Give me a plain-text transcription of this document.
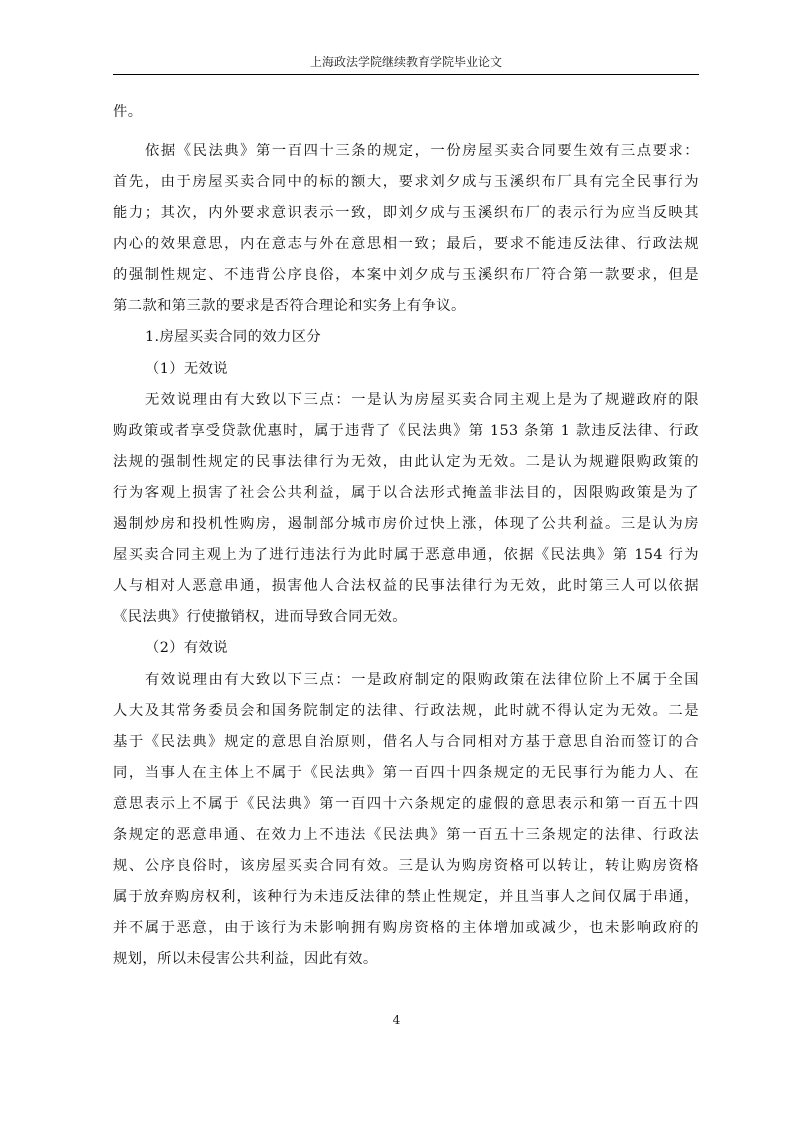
上海政法学院继续教育学院毕业论文
件。
依据《民法典》第一百四十三条的规定，一份房屋买卖合同要生效有三点要求：
首先，由于房屋买卖合同中的标的额大，要求刘夕成与玉溪织布厂具有完全民事行为
能力；其次，内外要求意识表示一致，即刘夕成与玉溪织布厂的表示行为应当反映其
内心的效果意思，内在意志与外在意思相一致；最后，要求不能违反法律、行政法规
的强制性规定、不违背公序良俗，本案中刘夕成与玉溪织布厂符合第一款要求，但是
第二款和第三款的要求是否符合理论和实务上有争议。
1.房屋买卖合同的效力区分
（1）无效说
无效说理由有大致以下三点：一是认为房屋买卖合同主观上是为了规避政府的限
购政策或者享受贷款优惠时，属于违背了《民法典》第 153 条第 1 款违反法律、行政
法规的强制性规定的民事法律行为无效，由此认定为无效。二是认为规避限购政策的
行为客观上损害了社会公共利益，属于以合法形式掩盖非法目的，因限购政策是为了
遏制炒房和投机性购房，遏制部分城市房价过快上涨，体现了公共利益。三是认为房
屋买卖合同主观上为了进行违法行为此时属于恶意串通，依据《民法典》第 154 行为
人与相对人恶意串通，损害他人合法权益的民事法律行为无效，此时第三人可以依据
《民法典》行使撤销权，进而导致合同无效。
（2）有效说
有效说理由有大致以下三点：一是政府制定的限购政策在法律位阶上不属于全国
人大及其常务委员会和国务院制定的法律、行政法规，此时就不得认定为无效。二是
基于《民法典》规定的意思自治原则，借名人与合同相对方基于意思自治而签订的合
同，当事人在主体上不属于《民法典》第一百四十四条规定的无民事行为能力人、在
意思表示上不属于《民法典》第一百四十六条规定的虚假的意思表示和第一百五十四
条规定的恶意串通、在效力上不违法《民法典》第一百五十三条规定的法律、行政法
规、公序良俗时，该房屋买卖合同有效。三是认为购房资格可以转让，转让购房资格
属于放弃购房权利，该种行为未违反法律的禁止性规定，并且当事人之间仅属于串通，
并不属于恶意，由于该行为未影响拥有购房资格的主体增加或减少，也未影响政府的
规划，所以未侵害公共利益，因此有效。
4
